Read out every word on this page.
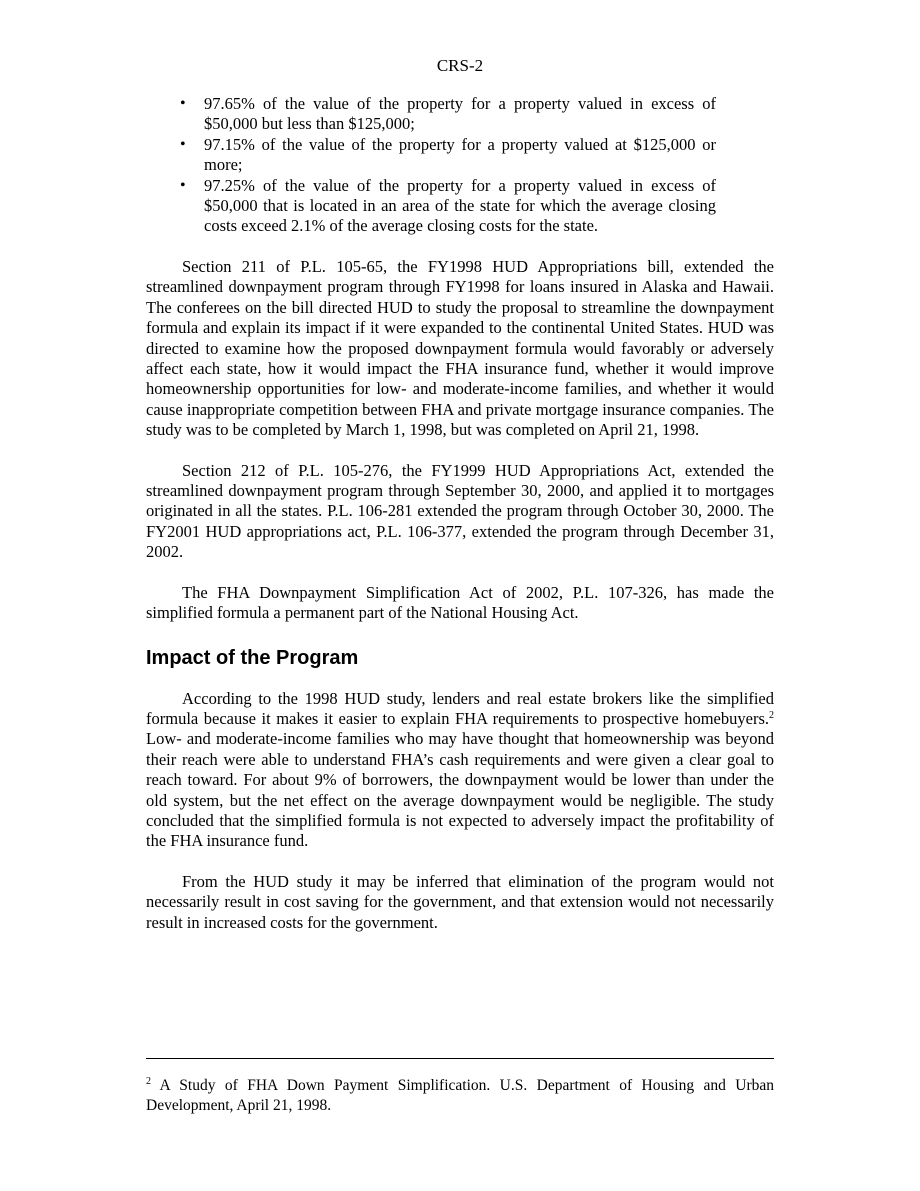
CRS-2
• 97.65% of the value of the property for a property valued in excess of $50,000 but less than $125,000;
• 97.15% of the value of the property for a property valued at $125,000 or more;
• 97.25% of the value of the property for a property valued in excess of $50,000 that is located in an area of the state for which the average closing costs exceed 2.1% of the average closing costs for the state.

Section 211 of P.L. 105-65, the FY1998 HUD Appropriations bill, extended the streamlined downpayment program through FY1998 for loans insured in Alaska and Hawaii. The conferees on the bill directed HUD to study the proposal to streamline the downpayment formula and explain its impact if it were expanded to the continental United States. HUD was directed to examine how the proposed downpayment formula would favorably or adversely affect each state, how it would impact the FHA insurance fund, whether it would improve homeownership opportunities for low- and moderate-income families, and whether it would cause inappropriate competition between FHA and private mortgage insurance companies. The study was to be completed by March 1, 1998, but was completed on April 21, 1998.

Section 212 of P.L. 105-276, the FY1999 HUD Appropriations Act, extended the streamlined downpayment program through September 30, 2000, and applied it to mortgages originated in all the states. P.L. 106-281 extended the program through October 30, 2000. The FY2001 HUD appropriations act, P.L. 106-377, extended the program through December 31, 2002.

The FHA Downpayment Simplification Act of 2002, P.L. 107-326, has made the simplified formula a permanent part of the National Housing Act.

Impact of the Program

According to the 1998 HUD study, lenders and real estate brokers like the simplified formula because it makes it easier to explain FHA requirements to prospective homebuyers.$^2$ Low- and moderate-income families who may have thought that homeownership was beyond their reach were able to understand FHA’s cash requirements and were given a clear goal to reach toward. For about 9% of borrowers, the downpayment would be lower than under the old system, but the net effect on the average downpayment would be negligible. The study concluded that the simplified formula is not expected to adversely impact the profitability of the FHA insurance fund.

From the HUD study it may be inferred that elimination of the program would not necessarily result in cost saving for the government, and that extension would not necessarily result in increased costs for the government.

$^2$ A Study of FHA Down Payment Simplification. U.S. Department of Housing and Urban Development, April 21, 1998.
